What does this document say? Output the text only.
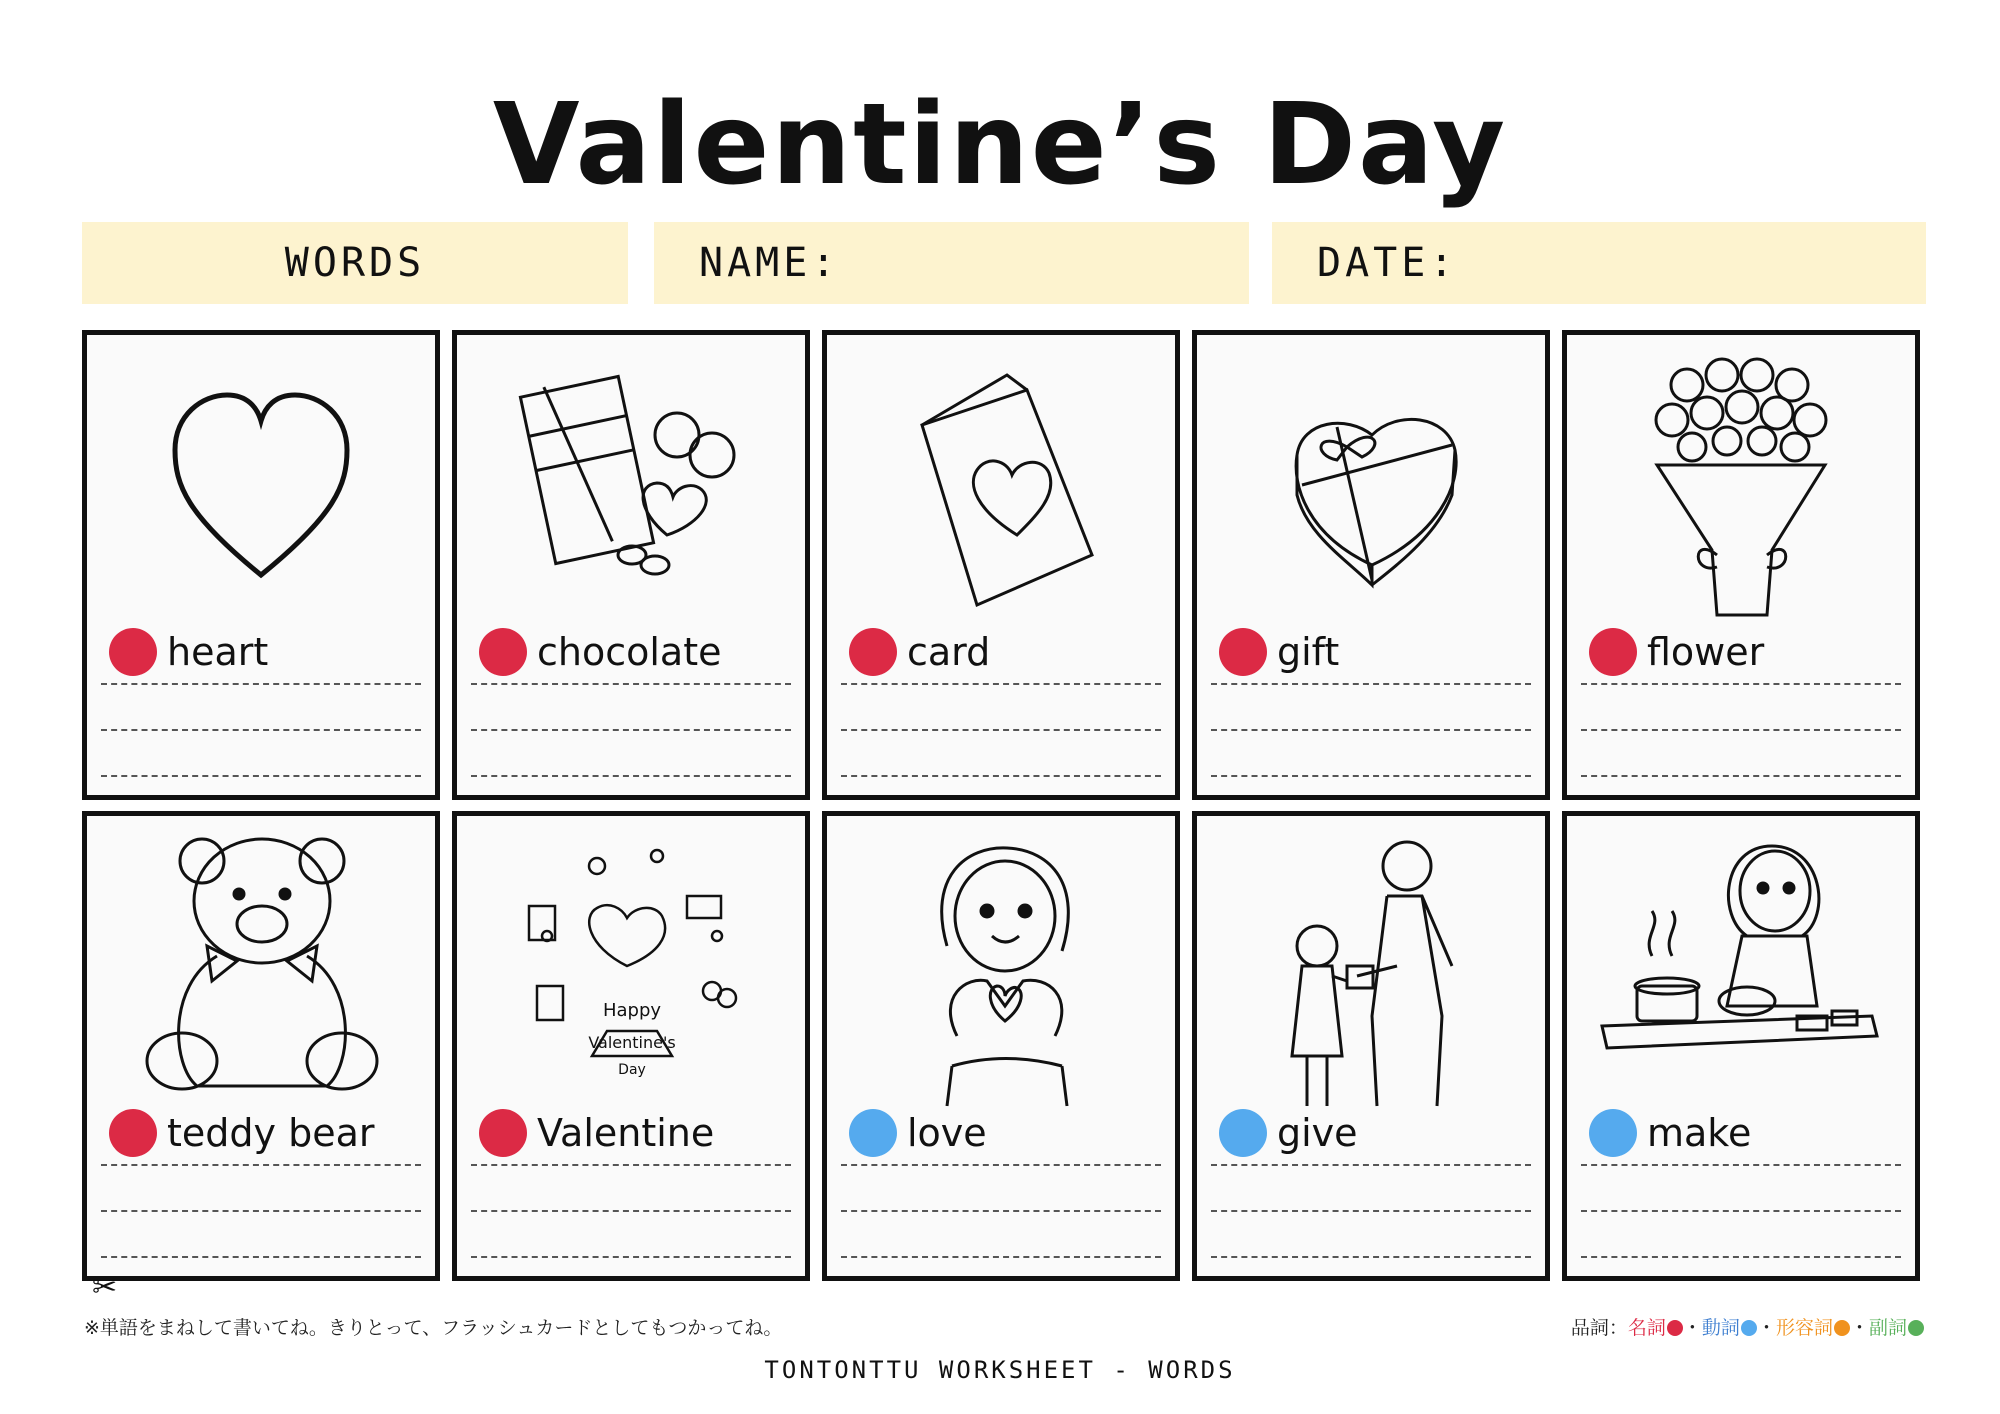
Valentine’s Day
WORDS	NAME:	DATE:
heart	chocolate	card	gift	flower
teddy bear
Happy
Valentine's
Day
Valentine	love	give	make
✂
※単語をまねして書いてね。きりとって、フラッシュカードとしてもつかってね。	品詞：名詞 ・動詞 ・形容詞 ・副詞
TONTONTTU WORKSHEET - WORDS
